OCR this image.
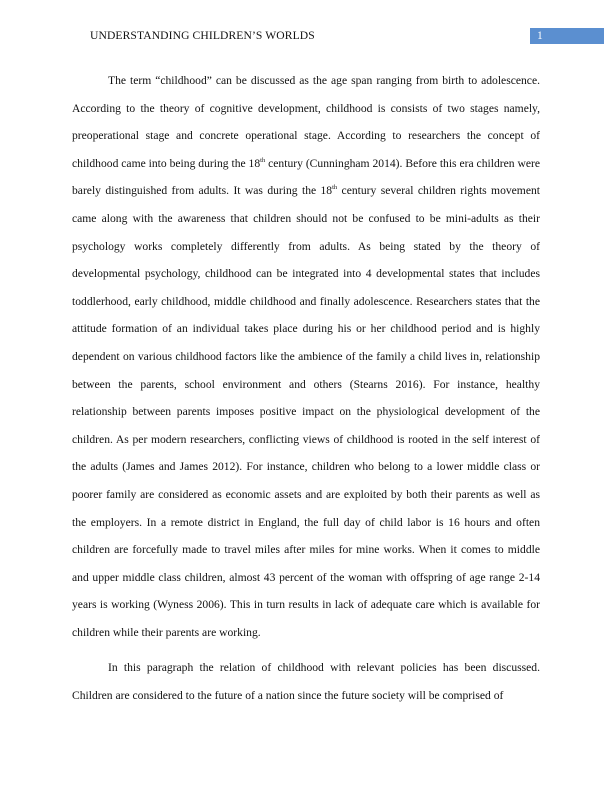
UNDERSTANDING CHILDREN’S WORLDS	1

The term “childhood” can be discussed as the age span ranging from birth to adolescence. According to the theory of cognitive development, childhood is consists of two stages namely, preoperational stage and concrete operational stage. According to researchers the concept of childhood came into being during the 18th century (Cunningham 2014). Before this era children were barely distinguished from adults. It was during the 18th century several children rights movement came along with the awareness that children should not be confused to be mini-adults as their psychology works completely differently from adults. As being stated by the theory of developmental psychology, childhood can be integrated into 4 developmental states that includes toddlerhood, early childhood, middle childhood and finally adolescence. Researchers states that the attitude formation of an individual takes place during his or her childhood period and is highly dependent on various childhood factors like the ambience of the family a child lives in, relationship between the parents, school environment and others (Stearns 2016). For instance, healthy relationship between parents imposes positive impact on the physiological development of the children. As per modern researchers, conflicting views of childhood is rooted in the self interest of the adults (James and James 2012). For instance, children who belong to a lower middle class or poorer family are considered as economic assets and are exploited by both their parents as well as the employers. In a remote district in England, the full day of child labor is 16 hours and often children are forcefully made to travel miles after miles for mine works. When it comes to middle and upper middle class children, almost 43 percent of the woman with offspring of age range 2-14 years is working (Wyness 2006). This in turn results in lack of adequate care which is available for children while their parents are working.

In this paragraph the relation of childhood with relevant policies has been discussed. Children are considered to the future of a nation since the future society will be comprised of
